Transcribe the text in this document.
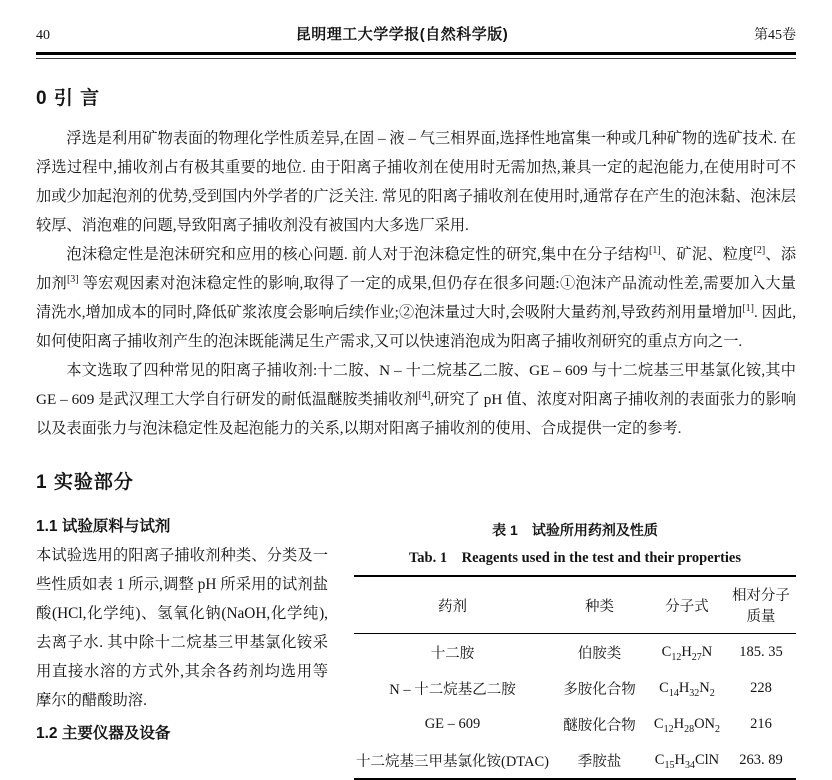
40	昆明理工大学学报(自然科学版)	第45卷
0 引 言

浮选是利用矿物表面的物理化学性质差异,在固 – 液 – 气三相界面,选择性地富集一种或几种矿物的选矿技术. 在浮选过程中,捕收剂占有极其重要的地位. 由于阳离子捕收剂在使用时无需加热,兼具一定的起泡能力,在使用时可不加或少加起泡剂的优势,受到国内外学者的广泛关注. 常见的阳离子捕收剂在使用时,通常存在产生的泡沫黏、泡沫层较厚、消泡难的问题,导致阳离子捕收剂没有被国内大多选厂采用.

泡沫稳定性是泡沫研究和应用的核心问题. 前人对于泡沫稳定性的研究,集中在分子结构[1]、矿泥、粒度[2]、添加剂[3] 等宏观因素对泡沫稳定性的影响,取得了一定的成果,但仍存在很多问题:①泡沫产品流动性差,需要加入大量清洗水,增加成本的同时,降低矿浆浓度会影响后续作业;②泡沫量过大时,会吸附大量药剂,导致药剂用量增加[1]. 因此,如何使阳离子捕收剂产生的泡沫既能满足生产需求,又可以快速消泡成为阳离子捕收剂研究的重点方向之一.

本文选取了四种常见的阳离子捕收剂:十二胺、N – 十二烷基乙二胺、GE – 609 与十二烷基三甲基氯化铵,其中 GE – 609 是武汉理工大学自行研发的耐低温醚胺类捕收剂[4],研究了 pH 值、浓度对阳离子捕收剂的表面张力的影响以及表面张力与泡沫稳定性及起泡能力的关系,以期对阳离子捕收剂的使用、合成提供一定的参考.

1 实验部分
1.1 试验原料与试剂

本试验选用的阳离子捕收剂种类、分类及一些性质如表 1 所示,调整 pH 所采用的试剂盐酸(HCl,化学纯)、氢氧化钠(NaOH,化学纯),去离子水. 其中除十二烷基三甲基氯化铵采用直接水溶的方式外,其余各药剂均选用等摩尔的醋酸助溶.

1.2 主要仪器及设备
表 1　试验所用药剂及性质
Tab. 1　Reagents used in the test and their properties
药剂	种类	分子式	相对分子质量
十二胺	伯胺类	$C_{12}H_{27}N$	185. 35
N – 十二烷基乙二胺	多胺化合物	$C_{14}H_{32}N_2$	228
GE – 609	醚胺化合物	$C_{12}H_{28}ON_2$	216
十二烷基三甲基氯化铵(DTAC)	季胺盐	$C_{15}H_{34}ClN$	263. 89
